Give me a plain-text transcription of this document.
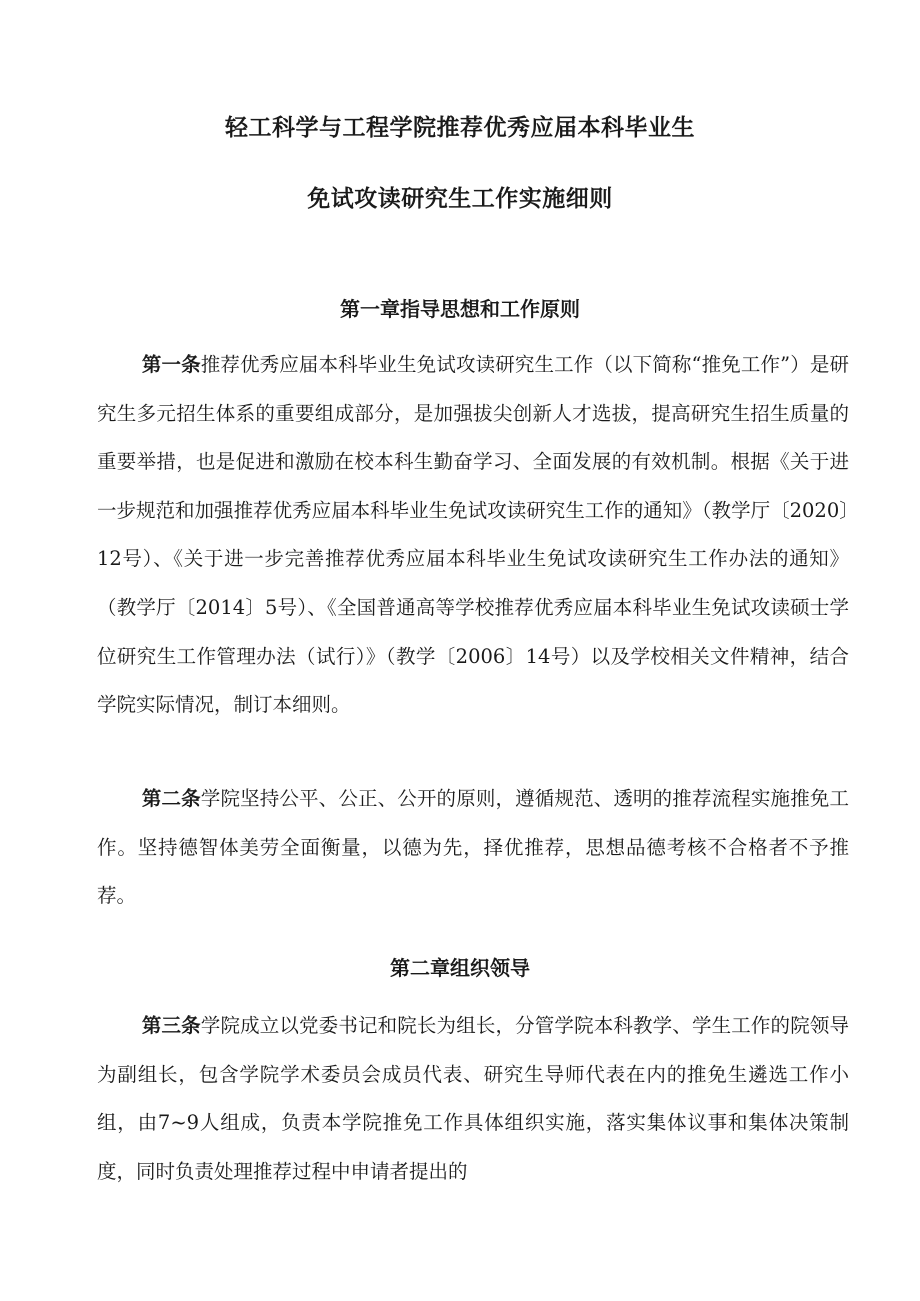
轻工科学与工程学院推荐优秀应届本科毕业生
免试攻读研究生工作实施细则
第一章指导思想和工作原则

第一条推荐优秀应届本科毕业生免试攻读研究生工作（以下简称“推免工作”）是研究生多元招生体系的重要组成部分，是加强拔尖创新人才选拔，提高研究生招生质量的重要举措，也是促进和激励在校本科生勤奋学习、全面发展的有效机制。根据《关于进一步规范和加强推荐优秀应届本科毕业生免试攻读研究生工作的通知》（教学厅〔2020〕12号）、《关于进一步完善推荐优秀应届本科毕业生免试攻读研究生工作办法的通知》（教学厅〔2014〕5号）、《全国普通高等学校推荐优秀应届本科毕业生免试攻读硕士学位研究生工作管理办法（试行）》（教学〔2006〕14号）以及学校相关文件精神，结合学院实际情况，制订本细则。

第二条学院坚持公平、公正、公开的原则，遵循规范、透明的推荐流程实施推免工作。坚持德智体美劳全面衡量，以德为先，择优推荐，思想品德考核不合格者不予推荐。

第二章组织领导

第三条学院成立以党委书记和院长为组长，分管学院本科教学、学生工作的院领导为副组长，包含学院学术委员会成员代表、研究生导师代表在内的推免生遴选工作小组，由7~9人组成，负责本学院推免工作具体组织实施，落实集体议事和集体决策制度，同时负责处理推荐过程中申请者提出的
